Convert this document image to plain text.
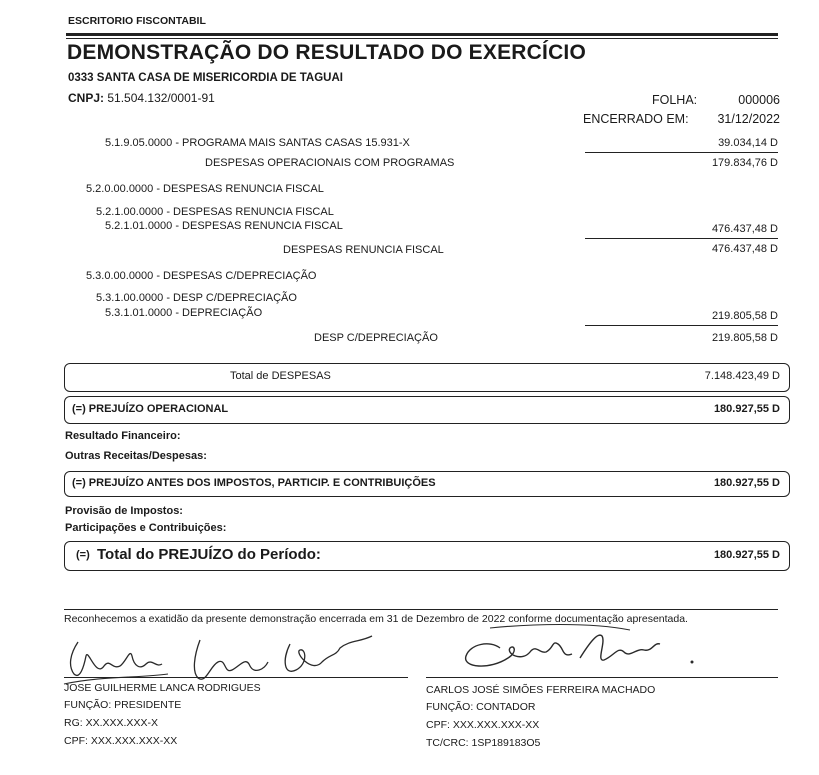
ESCRITORIO FISCONTABIL
DEMONSTRAÇÃO DO RESULTADO DO EXERCÍCIO
0333 SANTA CASA DE MISERICORDIA DE TAGUAI
CNPJ: 51.504.132/0001-91	FOLHA:	000006
ENCERRADO EM:	31/12/2022
5.1.9.05.0000 - PROGRAMA MAIS SANTAS CASAS 15.931-X	39.034,14 D
DESPESAS OPERACIONAIS COM PROGRAMAS	179.834,76 D
5.2.0.00.0000 - DESPESAS RENUNCIA FISCAL
5.2.1.00.0000 - DESPESAS RENUNCIA FISCAL
5.2.1.01.0000 - DESPESAS RENUNCIA FISCAL	476.437,48 D
DESPESAS RENUNCIA FISCAL	476.437,48 D
5.3.0.00.0000 - DESPESAS C/DEPRECIAÇÃO
5.3.1.00.0000 - DESP C/DEPRECIAÇÃO
5.3.1.01.0000 - DEPRECIAÇÃO	219.805,58 D
DESP C/DEPRECIAÇÃO	219.805,58 D
Total de DESPESAS	7.148.423,49 D
(=) PREJUÍZO OPERACIONAL	180.927,55 D
Resultado Financeiro:
Outras Receitas/Despesas:
(=) PREJUÍZO ANTES DOS IMPOSTOS, PARTICIP. E CONTRIBUIÇÕES	180.927,55 D
Provisão de Impostos:
Participações e Contribuições:
(=) Total do PREJUÍZO do Período:	180.927,55 D
Reconhecemos a exatidão da presente demonstração encerrada em 31 de Dezembro de 2022 conforme documentação apresentada.
JOSE GUILHERME LANCA RODRIGUES
FUNÇÃO: PRESIDENTE
RG: XX.XXX.XXX-X
CPF: XXX.XXX.XXX-XX
CARLOS JOSÉ SIMÕES FERREIRA MACHADO
FUNÇÃO: CONTADOR
CPF: XXX.XXX.XXX-XX
TC/CRC: 1SP189183O5
